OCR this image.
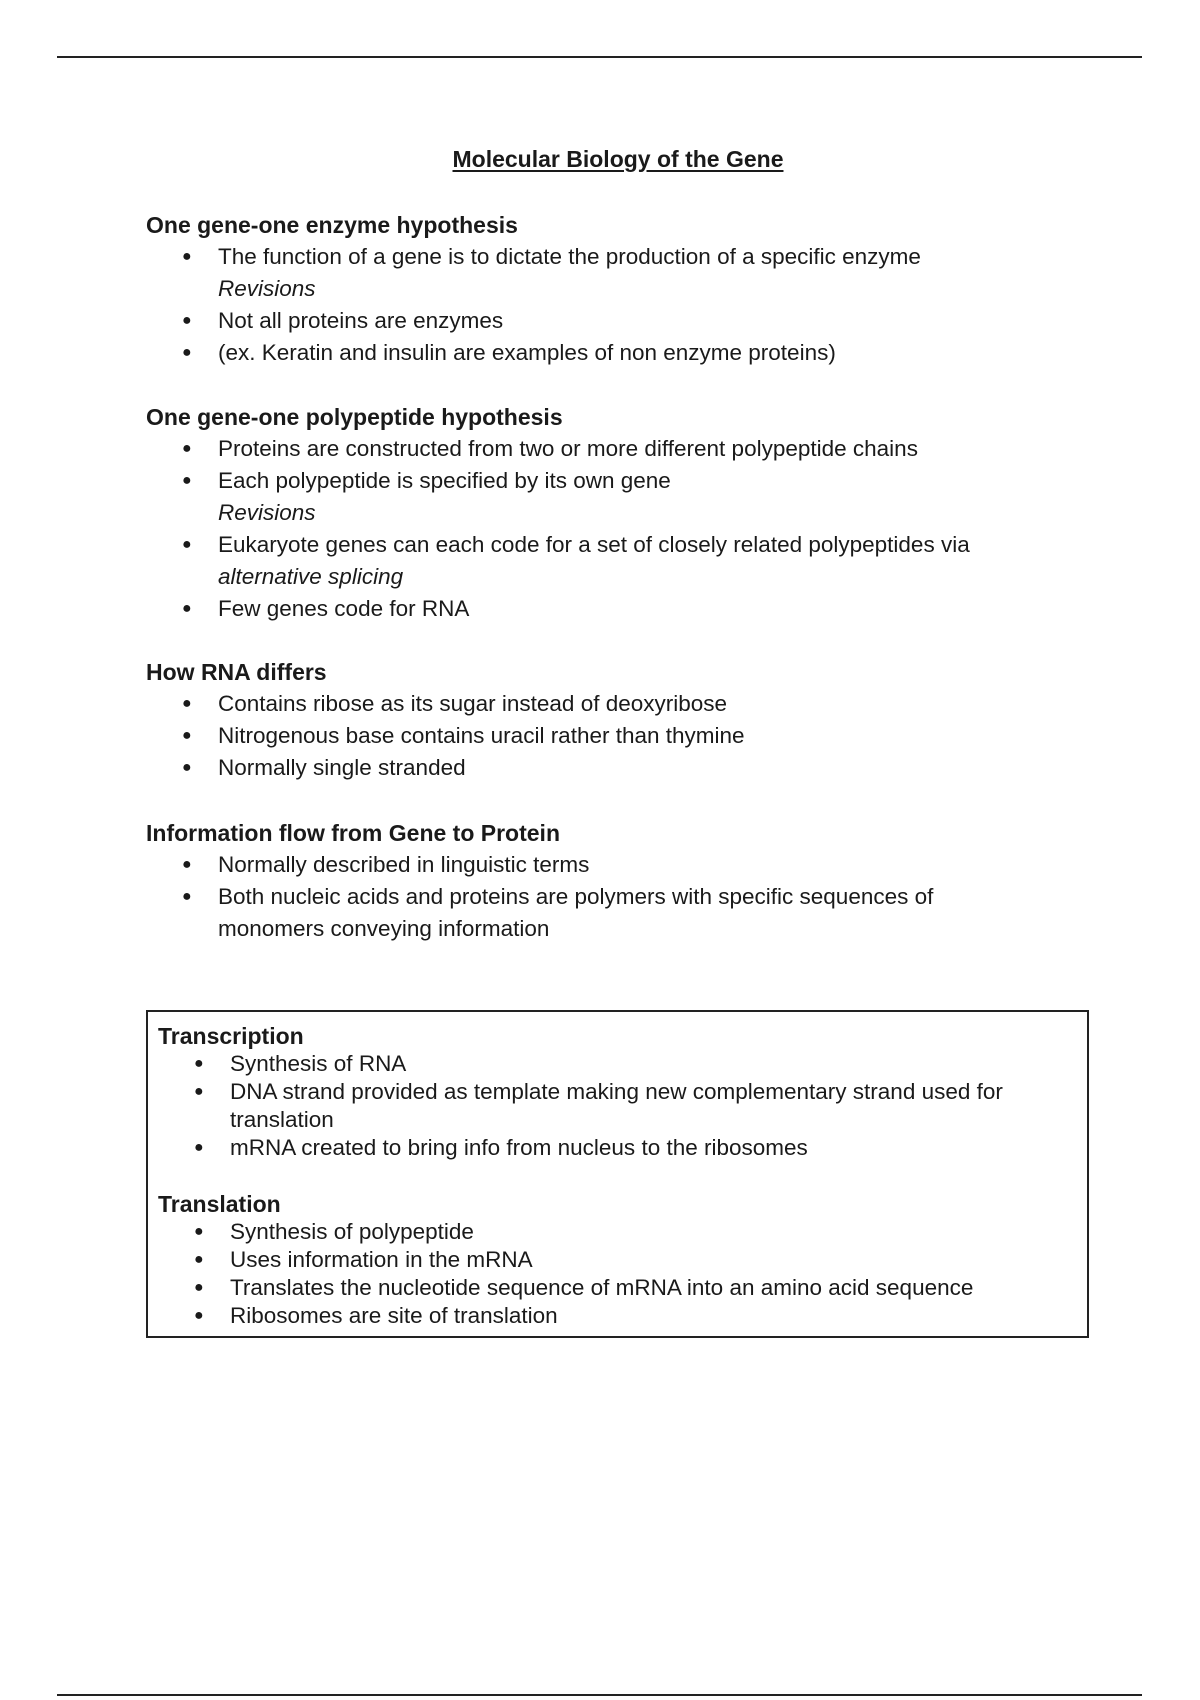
Molecular Biology of the Gene
One gene-one enzyme hypothesis
● The function of a gene is to dictate the production of a specific enzyme
Revisions
● Not all proteins are enzymes
● (ex. Keratin and insulin are examples of non enzyme proteins)
One gene-one polypeptide hypothesis
● Proteins are constructed from two or more different polypeptide chains
● Each polypeptide is specified by its own gene
Revisions
● Eukaryote genes can each code for a set of closely related polypeptides via
alternative splicing
● Few genes code for RNA
How RNA differs
● Contains ribose as its sugar instead of deoxyribose
● Nitrogenous base contains uracil rather than thymine
● Normally single stranded
Information flow from Gene to Protein
● Normally described in linguistic terms
● Both nucleic acids and proteins are polymers with specific sequences of
monomers conveying information
Transcription
● Synthesis of RNA
● DNA strand provided as template making new complementary strand used for
translation
● mRNA created to bring info from nucleus to the ribosomes
Translation
● Synthesis of polypeptide
● Uses information in the mRNA
● Translates the nucleotide sequence of mRNA into an amino acid sequence
● Ribosomes are site of translation
